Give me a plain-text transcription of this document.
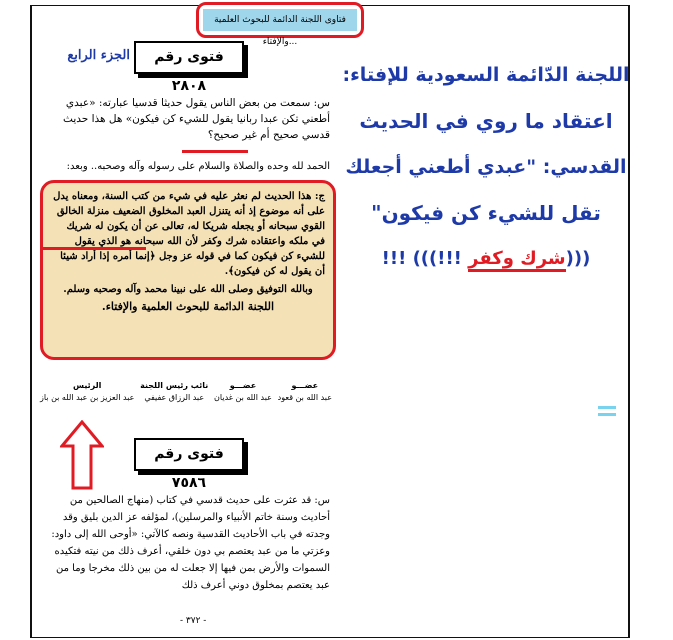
فتاوى اللجنة الدائمة للبحوث العلمية والإفتاء...
فتوى رقم ٢٨٠٨
الجزء الرابع
س: سمعت من بعض الناس يقول حديثا قدسيا عبارته: «عبدي أطعني تكن عبدا ربانيا يقول للشيء كن فيكون» هل هذا حديث قدسي صحيح أم غير صحيح؟
الحمد لله وحده والصلاة والسلام على رسوله وآله وصحبه.. وبعد:
ج: هذا الحديث لم نعثر عليه في شيء من كتب السنة، ومعناه يدل على أنه موضوع إذ أنه يتنزل العبد المخلوق الضعيف منزلة الخالق القوي سبحانه أو يجعله شريكا له، تعالى عن أن يكون له شريك في ملكه واعتقاده شرك وكفر لأن الله سبحانه هو الذي يقول للشيء كن فيكون كما في قوله عز وجل ﴿إنما أمره إذا أراد شيئا أن يقول له كن فيكون﴾.
وبالله التوفيق وصلى الله على نبينا محمد وآله وصحبه وسلم.
اللجنة الدائمة للبحوث العلمية والإفتاء.
عضـــو
عبد الله بن قعود
عضـــو
عبد الله بن غديان
نائب رئيس اللجنة
عبد الرزاق عفيفي
الرئيس
عبد العزيز بن عبد الله بن باز
فتوى رقم ٧٥٨٦
س: قد عثرت على حديث قدسي في كتاب (منهاج الصالحين من أحاديث وسنة خاتم الأنبياء والمرسلين)، لمؤلفه عز الدين بليق وقد وجدته في باب الأحاديث القدسية ونصه كالآتي: «أوحى الله إلى داود: وعزتي ما من عبد يعتصم بي دون خلقي، أعرف ذلك من نيته فتكيده السموات والأرض بمن فيها إلا جعلت له من بين ذلك مخرجا وما من عبد يعتصم بمخلوق دوني أعرف ذلك
- ٣٧٢ -
اللجنة الدّائمة السعودية للإفتاء:
اعتقاد ما روي في الحديث
القدسي: "عبدي أطعني أجعلك
تقل للشيء كن فيكون"
(((شرك وكفر !!!))) !!!
